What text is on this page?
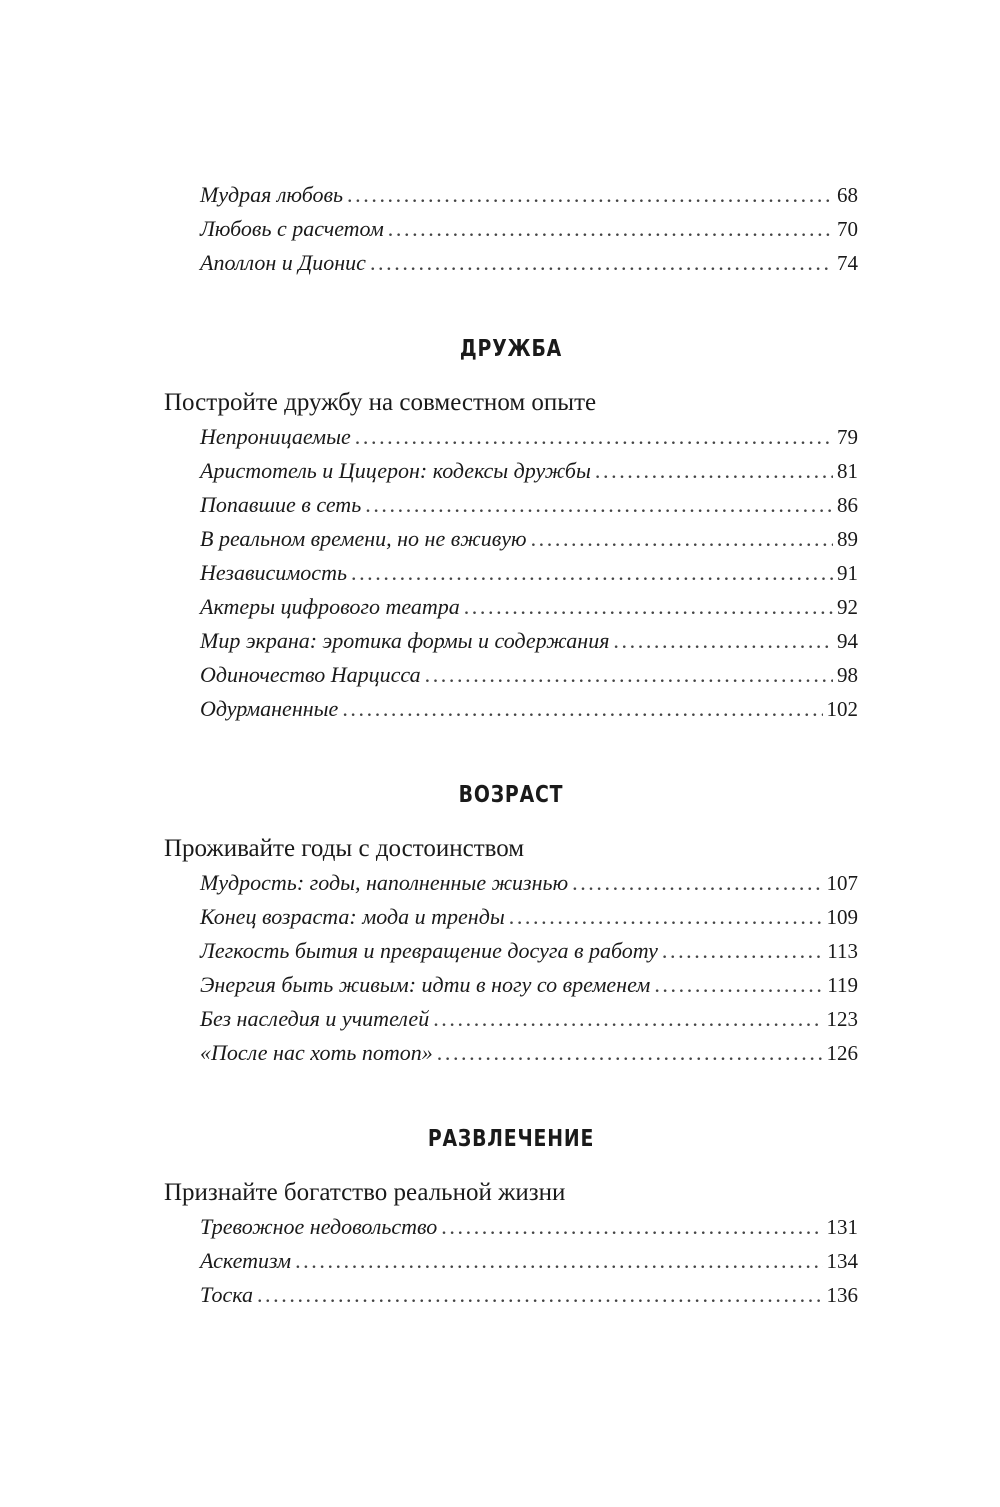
Мудрая любовь .....	68
Любовь с расчетом .....	70
Аполлон и Дионис .....	74
ДРУЖБА
Постройте дружбу на совместном опыте
Непроницаемые .....	79
Аристотель и Цицерон: кодексы дружбы .....	81
Попавшие в сеть .....	86
В реальном времени, но не вживую .....	89
Независимость .....	91
Актеры цифрового театра .....	92
Мир экрана: эротика формы и содержания .....	94
Одиночество Нарцисса .....	98
Одурманенные .....	102
ВОЗРАСТ
Проживайте годы с достоинством
Мудрость: годы, наполненные жизнью .....	107
Конец возраста: мода и тренды .....	109
Легкость бытия и превращение досуга в работу .....	113
Энергия быть живым: идти в ногу со временем .....	119
Без наследия и учителей .....	123
«После нас хоть потоп» .....	126
РАЗВЛЕЧЕНИЕ
Признайте богатство реальной жизни
Тревожное недовольство .....	131
Аскетизм .....	134
Тоска .....	136
